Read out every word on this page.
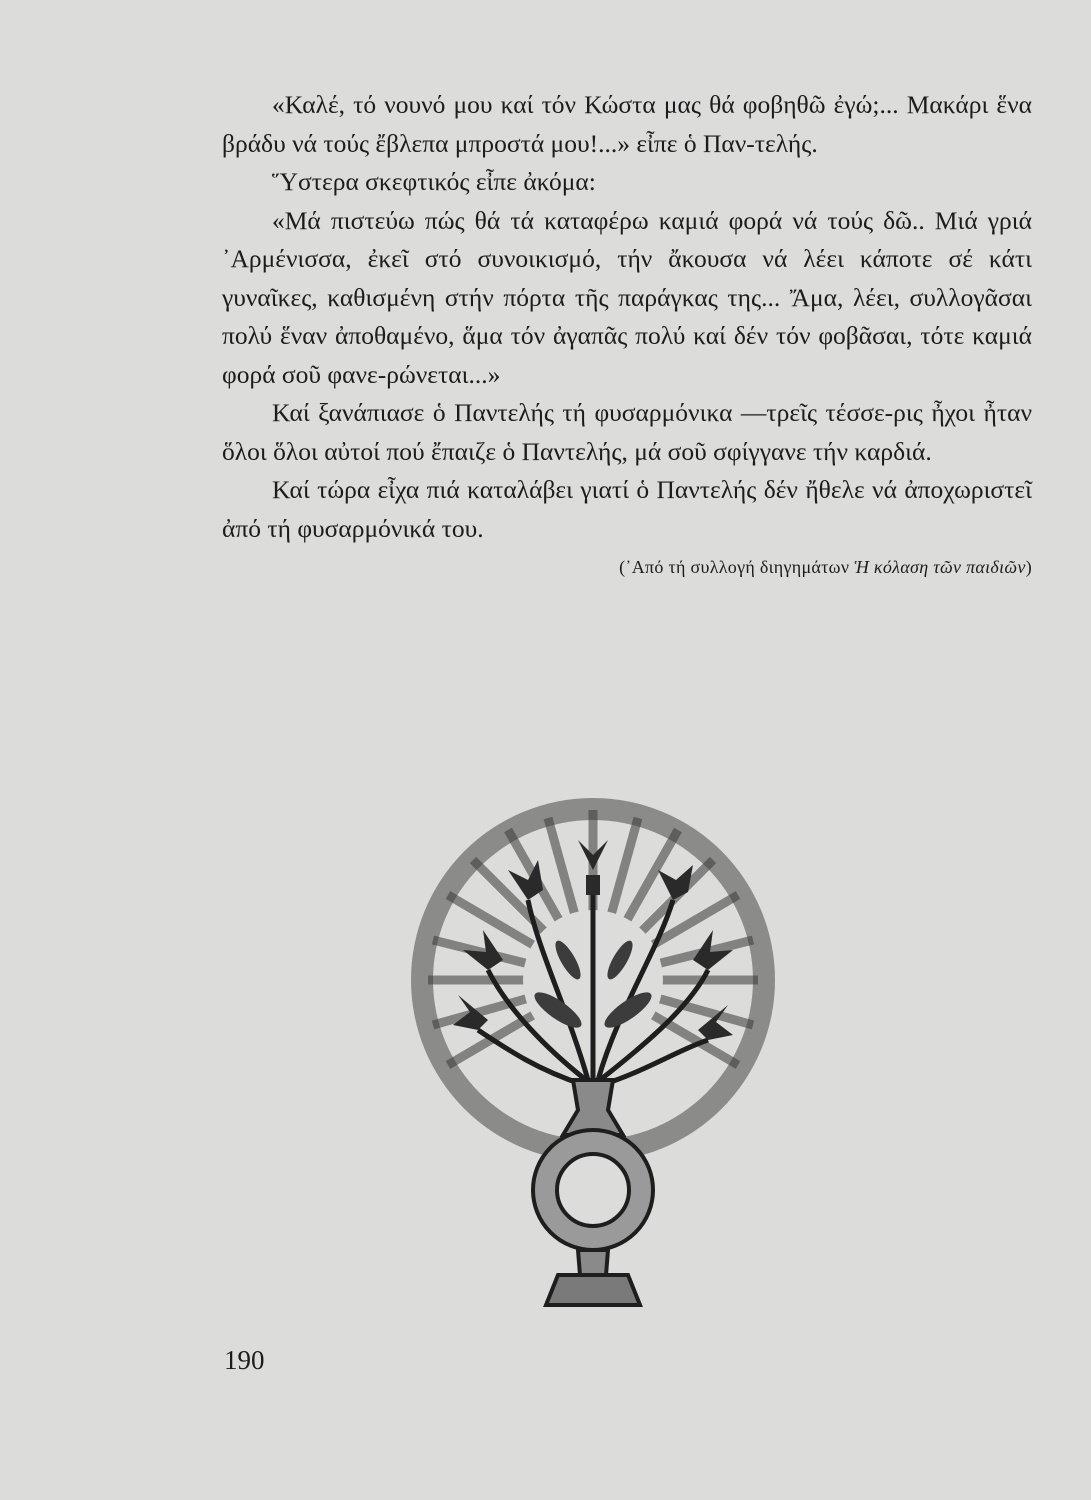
«Καλέ, τό νουνό μου καί τόν Κώστα μας θά φοβηθῶ ἐγώ;... Μακάρι ἕνα βράδυ νά τούς ἔβλεπα μπροστά μου!...» εἶπε ὁ Παν-τελής.

Ὕστερα σκεφτικός εἶπε ἀκόμα:

«Μά πιστεύω πώς θά τά καταφέρω καμιά φορά νά τούς δῶ.. Μιά γριά ᾽Αρμένισσα, ἐκεῖ στό συνοικισμό, τήν ἄκουσα νά λέει κάποτε σέ κάτι γυναῖκες, καθισμένη στήν πόρτα τῆς παράγκας της... Ἄμα, λέει, συλλογᾶσαι πολύ ἕναν ἀποθαμένο, ἅμα τόν ἀγαπᾶς πολύ καί δέν τόν φοβᾶσαι, τότε καμιά φορά σοῦ φανε-ρώνεται...»

Καί ξανάπιασε ὁ Παντελής τή φυσαρμόνικα —τρεῖς τέσσε-ρις ἦχοι ἦταν ὅλοι ὅλοι αὐτοί πού ἔπαιζε ὁ Παντελής, μά σοῦ σφίγγανε τήν καρδιά.

Καί τώρα εἶχα πιά καταλάβει γιατί ὁ Παντελής δέν ἤθελε νά ἀποχωριστεῖ ἀπό τή φυσαρμόνικά του.

(᾽Από τή συλλογή διηγημάτων Ἡ κόλαση τῶν παιδιῶν)

190
